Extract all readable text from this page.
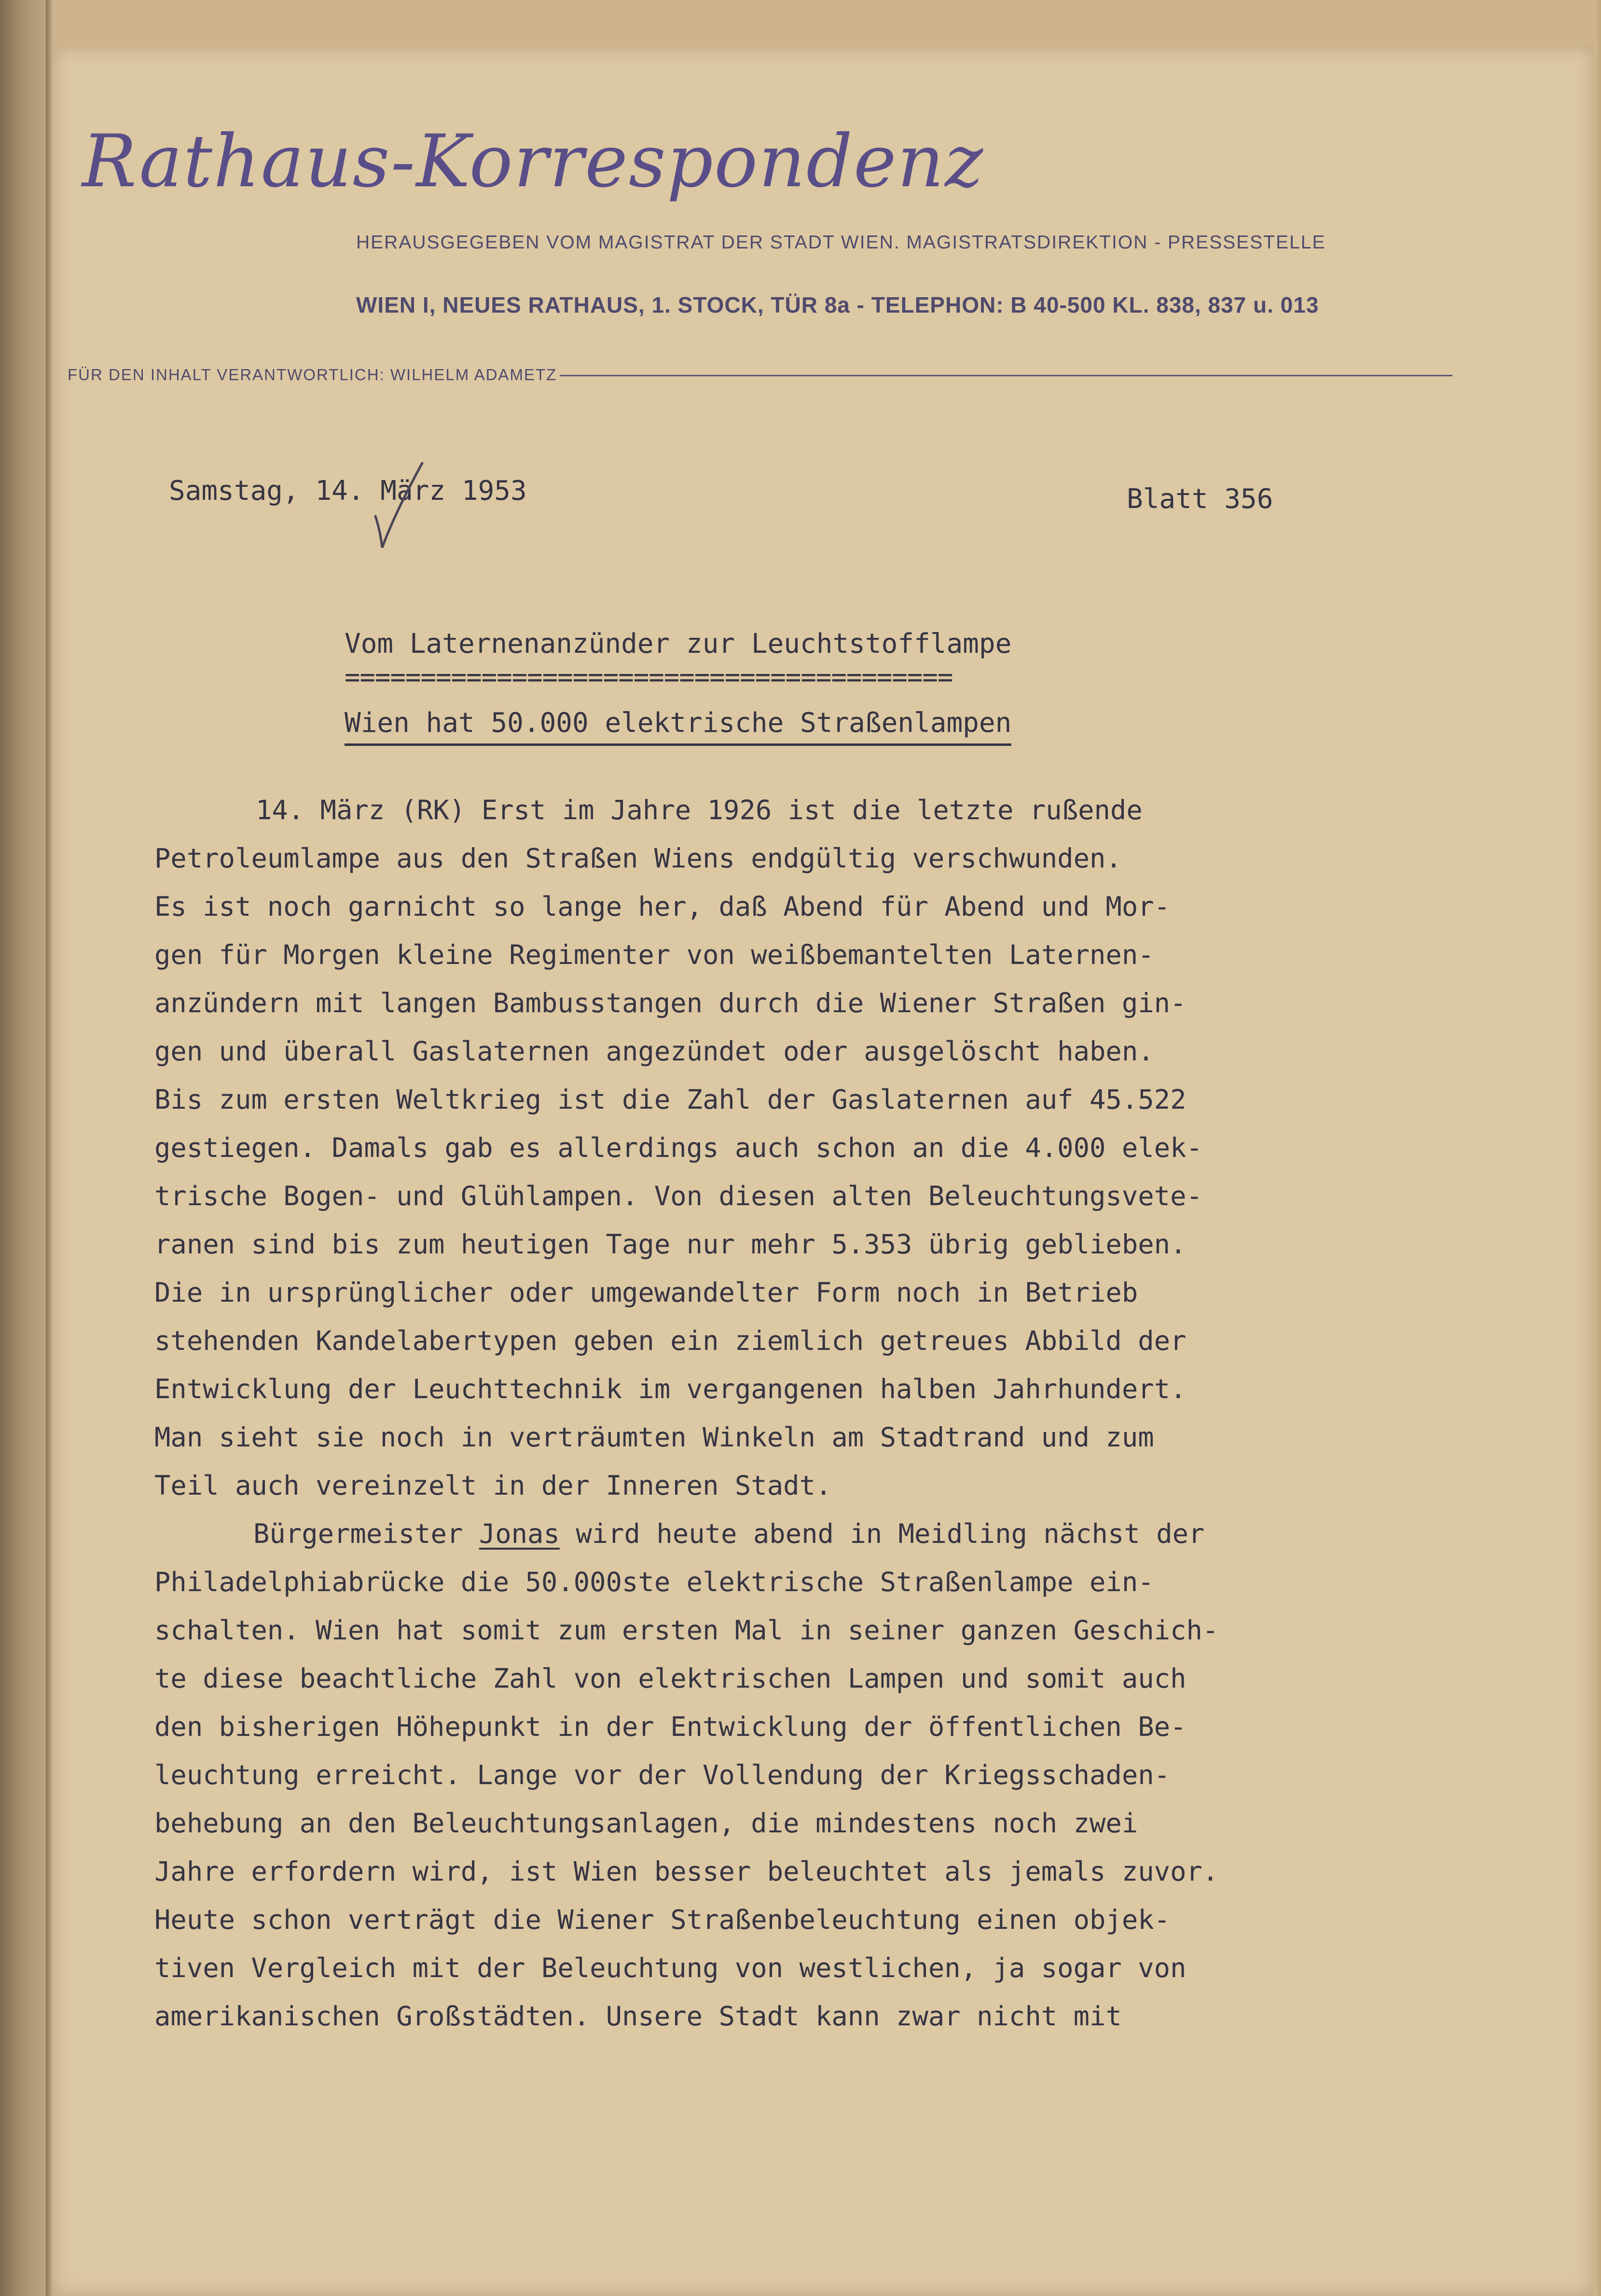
Rathaus-Korrespondenz
HERAUSGEGEBEN VOM MAGISTRAT DER STADT WIEN. MAGISTRATSDIREKTION - PRESSESTELLE
WIEN I, NEUES RATHAUS, 1. STOCK, TÜR 8a - TELEPHON: B 40-500 KL. 838, 837 u. 013
FÜR DEN INHALT VERANTWORTLICH: WILHELM ADAMETZ
Samstag, 14. März 1953	Blatt 356
Vom Laternenanzünder zur Leuchtstofflampe
========================================
Wien hat 50.000 elektrische Straßenlampen

14. März (RK) Erst im Jahre 1926 ist die letzte rußende
Petroleumlampe aus den Straßen Wiens endgültig verschwunden.
Es ist noch garnicht so lange her, daß Abend für Abend und Mor-
gen für Morgen kleine Regimenter von weißbemantelten Laternen-
anzündern mit langen Bambusstangen durch die Wiener Straßen gin-
gen und überall Gaslaternen angezündet oder ausgelöscht haben.
Bis zum ersten Weltkrieg ist die Zahl der Gaslaternen auf 45.522
gestiegen. Damals gab es allerdings auch schon an die 4.000 elek-
trische Bogen- und Glühlampen. Von diesen alten Beleuchtungsvete-
ranen sind bis zum heutigen Tage nur mehr 5.353 übrig geblieben.
Die in ursprünglicher oder umgewandelter Form noch in Betrieb
stehenden Kandelabertypen geben ein ziemlich getreues Abbild der
Entwicklung der Leuchttechnik im vergangenen halben Jahrhundert.
Man sieht sie noch in verträumten Winkeln am Stadtrand und zum
Teil auch vereinzelt in der Inneren Stadt.

Bürgermeister Jonas wird heute abend in Meidling nächst der
Philadelphiabrücke die 50.000ste elektrische Straßenlampe ein-
schalten. Wien hat somit zum ersten Mal in seiner ganzen Geschich-
te diese beachtliche Zahl von elektrischen Lampen und somit auch
den bisherigen Höhepunkt in der Entwicklung der öffentlichen Be-
leuchtung erreicht. Lange vor der Vollendung der Kriegsschaden-
behebung an den Beleuchtungsanlagen, die mindestens noch zwei
Jahre erfordern wird, ist Wien besser beleuchtet als jemals zuvor.
Heute schon verträgt die Wiener Straßenbeleuchtung einen objek-
tiven Vergleich mit der Beleuchtung von westlichen, ja sogar von
amerikanischen Großstädten. Unsere Stadt kann zwar nicht mit
